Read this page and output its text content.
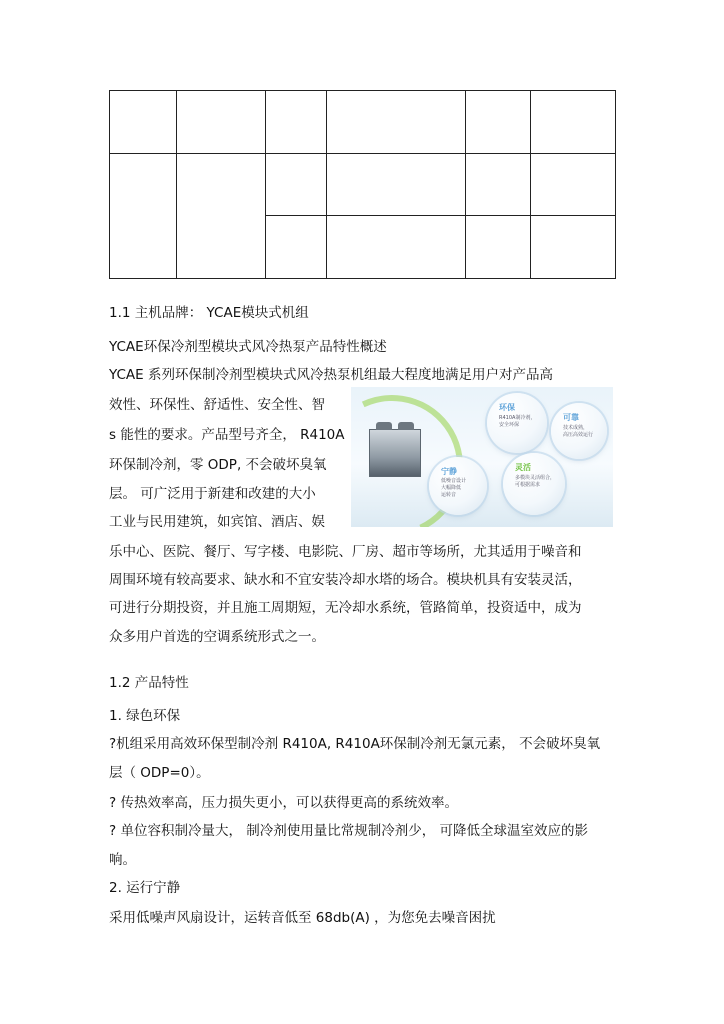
1.1 主机品牌： YCAE模块式机组
YCAE环保冷剂型模块式风冷热泵产品特性概述
YCAE 系列环保制冷剂型模块式风冷热泵机组最大程度地满足用户对产品高
效性、环保性、舒适性、安全性、智
s 能性的要求。产品型号齐全， R410A
环保制冷剂，零 ODP, 不会破坏臭氧
层。 可广泛用于新建和改建的大小
工业与民用建筑，如宾馆、酒店、娱
乐中心、医院、餐厅、写字楼、电影院、厂房、超市等场所，尤其适用于噪音和
周围环境有较高要求、缺水和不宜安装冷却水塔的场合。模块机具有安装灵活，
可进行分期投资，并且施工周期短，无冷却水系统，管路简单，投资适中，成为
众多用户首选的空调系统形式之一。
环保
R410A制冷剂，
安全环保
可靠
技术成熟，
高压高效运行
宁静
低噪音设计
大幅降低
运转音
灵活
多模块灵活组合，
可根据需求
1.2 产品特性
1. 绿色环保
?机组采用高效环保型制冷剂 R410A, R410A环保制冷剂无氯元素， 不会破坏臭氧
层（ ODP=0）。
? 传热效率高，压力损失更小，可以获得更高的系统效率。
? 单位容积制冷量大， 制冷剂使用量比常规制冷剂少， 可降低全球温室效应的影
响。
2. 运行宁静
采用低噪声风扇设计，运转音低至 68db(A) ，为您免去噪音困扰
